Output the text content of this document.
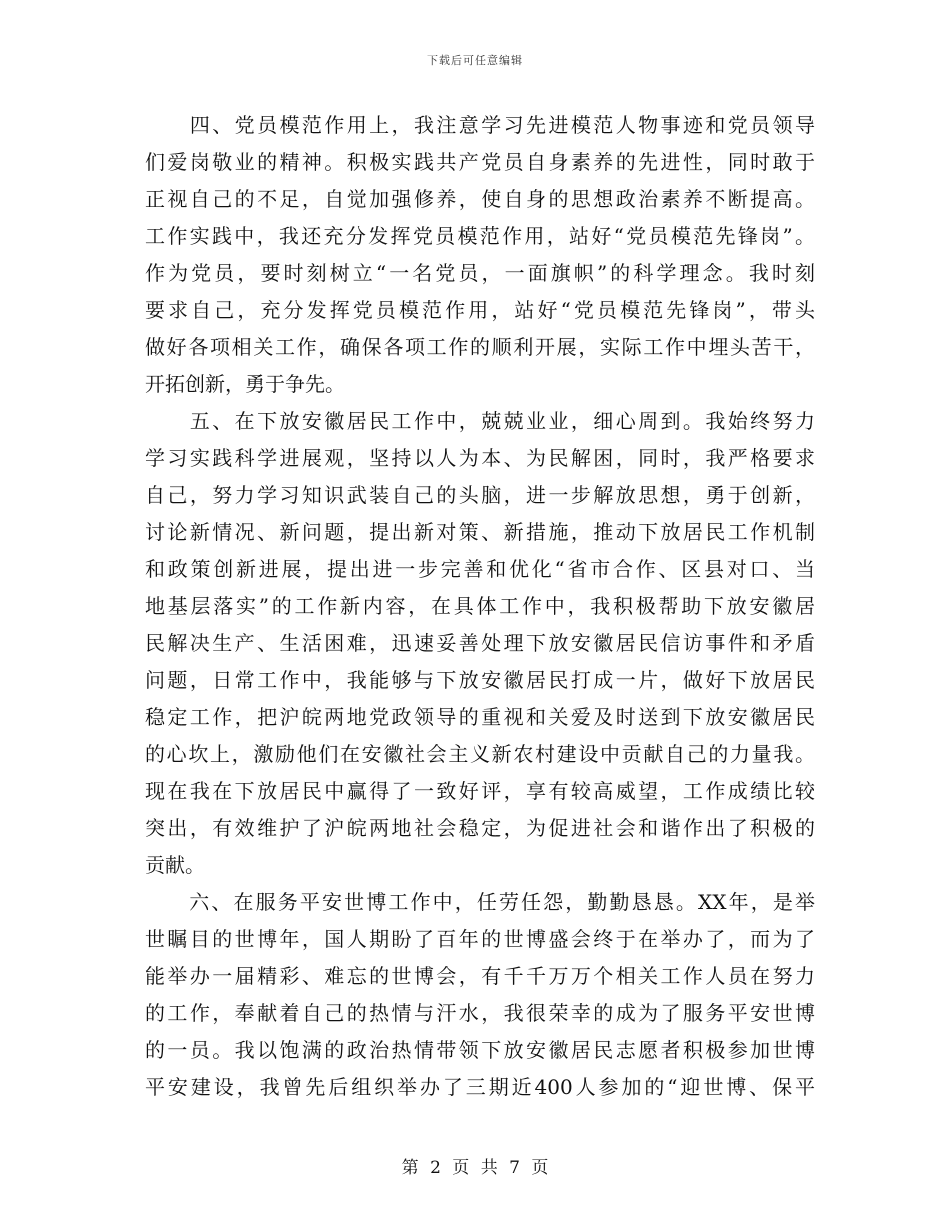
下载后可任意编辑
　　四、党员模范作用上，我注意学习先进模范人物事迹和党员领导
们爱岗敬业的精神。积极实践共产党员自身素养的先进性，同时敢于
正视自己的不足，自觉加强修养，使自身的思想政治素养不断提高。
工作实践中，我还充分发挥党员模范作用，站好“党员模范先锋岗”。
作为党员，要时刻树立“一名党员，一面旗帜”的科学理念。我时刻
要求自己，充分发挥党员模范作用，站好“党员模范先锋岗”，带头
做好各项相关工作，确保各项工作的顺利开展，实际工作中埋头苦干，
开拓创新，勇于争先。
　　五、在下放安徽居民工作中，兢兢业业，细心周到。我始终努力
学习实践科学进展观，坚持以人为本、为民解困，同时，我严格要求
自己，努力学习知识武装自己的头脑，进一步解放思想，勇于创新，
讨论新情况、新问题，提出新对策、新措施，推动下放居民工作机制
和政策创新进展，提出进一步完善和优化“省市合作、区县对口、当
地基层落实”的工作新内容，在具体工作中，我积极帮助下放安徽居
民解决生产、生活困难，迅速妥善处理下放安徽居民信访事件和矛盾
问题，日常工作中，我能够与下放安徽居民打成一片，做好下放居民
稳定工作，把沪皖两地党政领导的重视和关爱及时送到下放安徽居民
的心坎上，激励他们在安徽社会主义新农村建设中贡献自己的力量我。
现在我在下放居民中赢得了一致好评，享有较高威望，工作成绩比较
突出，有效维护了沪皖两地社会稳定，为促进社会和谐作出了积极的
贡献。
　　六、在服务平安世博工作中，任劳任怨，勤勤恳恳。XX年，是举
世瞩目的世博年，国人期盼了百年的世博盛会终于在举办了，而为了
能举办一届精彩、难忘的世博会，有千千万万个相关工作人员在努力
的工作，奉献着自己的热情与汗水，我很荣幸的成为了服务平安世博
的一员。我以饱满的政治热情带领下放安徽居民志愿者积极参加世博
平安建设，我曾先后组织举办了三期近400人参加的“迎世博、保平
第 2 页 共 7 页
